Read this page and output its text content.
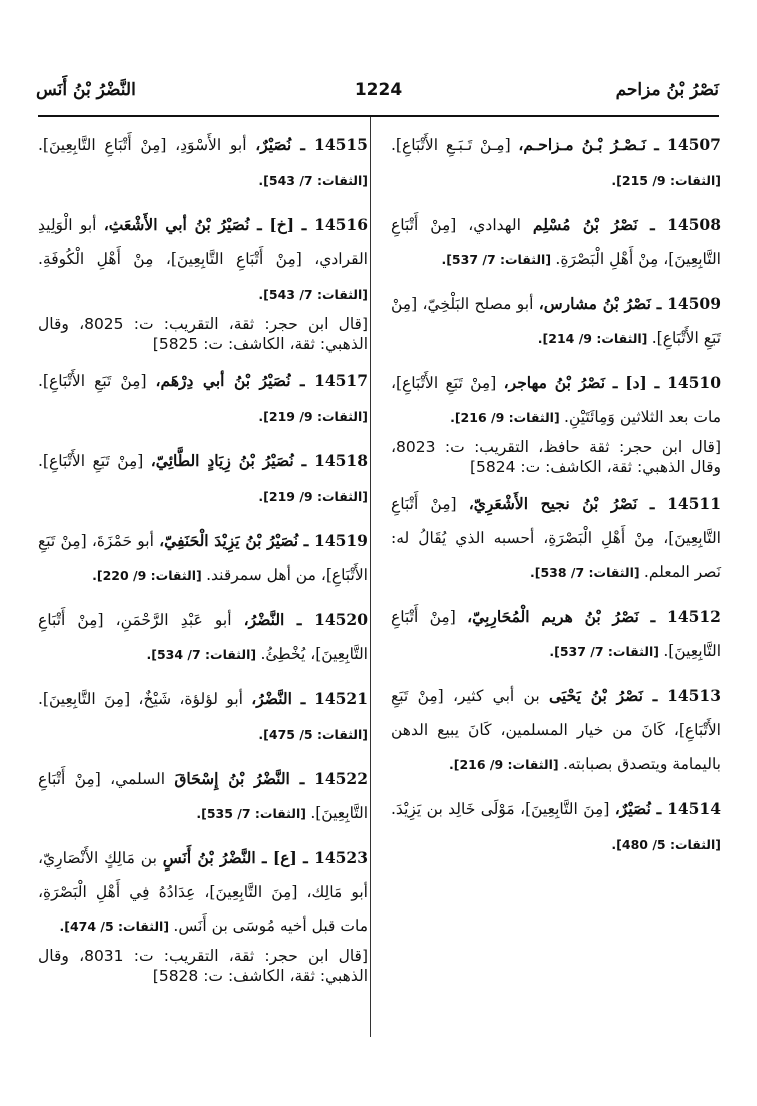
النَّضْرُ بْنُ أَنَس	1224	نَصْرُ بْنُ مزاحم

14507 ـ نَـصْـرُ بْـنُ مـزاحـم، [مِـنْ تَـبَـعِ الأَتْبَاعِ]. [الثقات: 9/ 215].

14508 ـ نَصْرُ بْنُ مُسْلِم الهدادي، [مِنْ أَتْبَاعِ التَّابِعِينَ]، مِنْ أَهْلِ الْبَصْرَةِ. [الثقات: 7/ 537].

14509 ـ نَصْرُ بْنُ مشارس، أبو مصلح البَلْخِيّ، [مِنْ تَبَعِ الأَتْبَاعِ]. [الثقات: 9/ 214].

14510 ـ [د] ـ نَصْرُ بْنُ مهاجر، [مِنْ تَبَعِ الأَتْبَاعِ]، مات بعد الثلاثين وَمِائَتَيْنِ. [الثقات: 9/ 216].

[قال ابن حجر: ثقة حافظ، التقريب: ت: 8023، وقال الذهبي: ثقة، الكاشف: ت: 5824]

14511 ـ نَصْرُ بْنُ نجيح الأَشْعَرِيّ، [مِنْ أَتْبَاعِ التَّابِعِينَ]، مِنْ أَهْلِ الْبَصْرَةِ، أحسبه الذي يُقَالُ له: نَصر المعلم. [الثقات: 7/ 538].

14512 ـ نَصْرُ بْنُ هريم الْمُحَارِبِيّ، [مِنْ أَتْبَاعِ التَّابِعِينَ]. [الثقات: 7/ 537].

14513 ـ نَصْرُ بْنُ يَحْيَى بن أبي كثير، [مِنْ تَبَعِ الأَتْبَاعِ]، كَانَ من خيار المسلمين، كَانَ يبيع الدهن باليمامة ويتصدق بصبابته. [الثقات: 9/ 216].

14514 ـ نُصَيْرٌ، [مِنَ التَّابِعِينَ]، مَوْلَى خَالِد بن يَزِيْدَ. [الثقات: 5/ 480].

14515 ـ نُصَيْرٌ، أبو الأَسْوَدِ، [مِنْ أَتْبَاعِ التَّابِعِينَ]. [الثقات: 7/ 543].

14516 ـ [خ] ـ نُصَيْرُ بْنُ أبي الأَشْعَثِ، أبو الْوَلِيدِ القرادي، [مِنْ أَتْبَاعِ التَّابِعِينَ]، مِنْ أَهْلِ الْكُوفَةِ. [الثقات: 7/ 543].

[قال ابن حجر: ثقة، التقريب: ت: 8025، وقال الذهبي: ثقة، الكاشف: ت: 5825]

14517 ـ نُصَيْرُ بْنُ أبي دِرْهَم، [مِنْ تَبَعِ الأَتْبَاعِ]. [الثقات: 9/ 219].

14518 ـ نُصَيْرُ بْنُ زِيَادٍ الطَّائِيّ، [مِنْ تَبَعِ الأَتْبَاعِ]. [الثقات: 9/ 219].

14519 ـ نُصَيْرُ بْنُ يَزِيْدَ الْحَنَفِيّ، أبو حَمْزَةَ، [مِنْ تَبَعِ الأَتْبَاعِ]، من أهل سمرقند. [الثقات: 9/ 220].

14520 ـ النَّضْرُ، أبو عَبْدِ الرَّحْمَنِ، [مِنْ أَتْبَاعِ التَّابِعِينَ]، يُخْطِئُ. [الثقات: 7/ 534].

14521 ـ النَّضْرُ، أبو لؤلؤة، شَيْخٌ، [مِنَ التَّابِعِينَ]. [الثقات: 5/ 475].

14522 ـ النَّضْرُ بْنُ إِسْحَاقَ السلمي، [مِنْ أَتْبَاعِ التَّابِعِينَ]. [الثقات: 7/ 535].

14523 ـ [ع] ـ النَّضْرُ بْنُ أَنَسٍ بن مَالِكٍ الأَنْصَارِيّ، أبو مَالِك، [مِنَ التَّابِعِينَ]، عِدَادُهُ فِي أَهْلِ الْبَصْرَةِ، مات قبل أخيه مُوسَى بن أَنَس. [الثقات: 5/ 474].

[قال ابن حجر: ثقة، التقريب: ت: 8031، وقال الذهبي: ثقة، الكاشف: ت: 5828]
